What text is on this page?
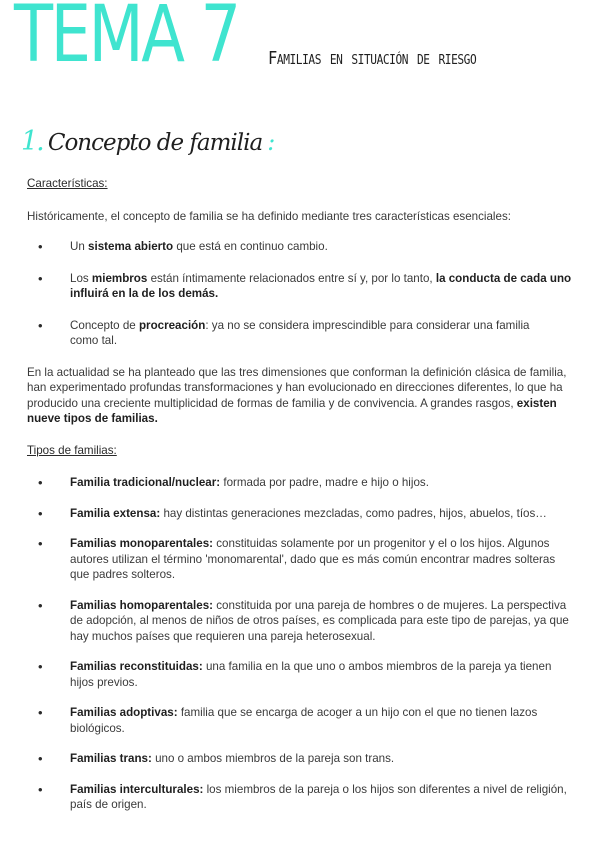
TEMA 7 Familias en situación de riesgo
1. Concepto de familia :

Características:

Históricamente, el concepto de familia se ha definido mediante tres características esenciales:

• Un sistema abierto que está en continuo cambio.
• Los miembros están íntimamente relacionados entre sí y, por lo tanto, la conducta de cada uno influirá en la de los demás.
• Concepto de procreación: ya no se considera imprescindible para considerar una familia como tal.

En la actualidad se ha planteado que las tres dimensiones que conforman la definición clásica de familia, han experimentado profundas transformaciones y han evolucionado en direcciones diferentes, lo que ha producido una creciente multiplicidad de formas de familia y de convivencia. A grandes rasgos, existen nueve tipos de familias.

Tipos de familias:

• Familia tradicional/nuclear: formada por padre, madre e hijo o hijos.
• Familia extensa: hay distintas generaciones mezcladas, como padres, hijos, abuelos, tíos…
• Familias monoparentales: constituidas solamente por un progenitor y el o los hijos. Algunos autores utilizan el término 'monomarental', dado que es más común encontrar madres solteras que padres solteros.
• Familias homoparentales: constituida por una pareja de hombres o de mujeres. La perspectiva de adopción, al menos de niños de otros países, es complicada para este tipo de parejas, ya que hay muchos países que requieren una pareja heterosexual.
• Familias reconstituidas: una familia en la que uno o ambos miembros de la pareja ya tienen hijos previos.
• Familias adoptivas: familia que se encarga de acoger a un hijo con el que no tienen lazos biológicos.
• Familias trans: uno o ambos miembros de la pareja son trans.
• Familias interculturales: los miembros de la pareja o los hijos son diferentes a nivel de religión, país de origen.
